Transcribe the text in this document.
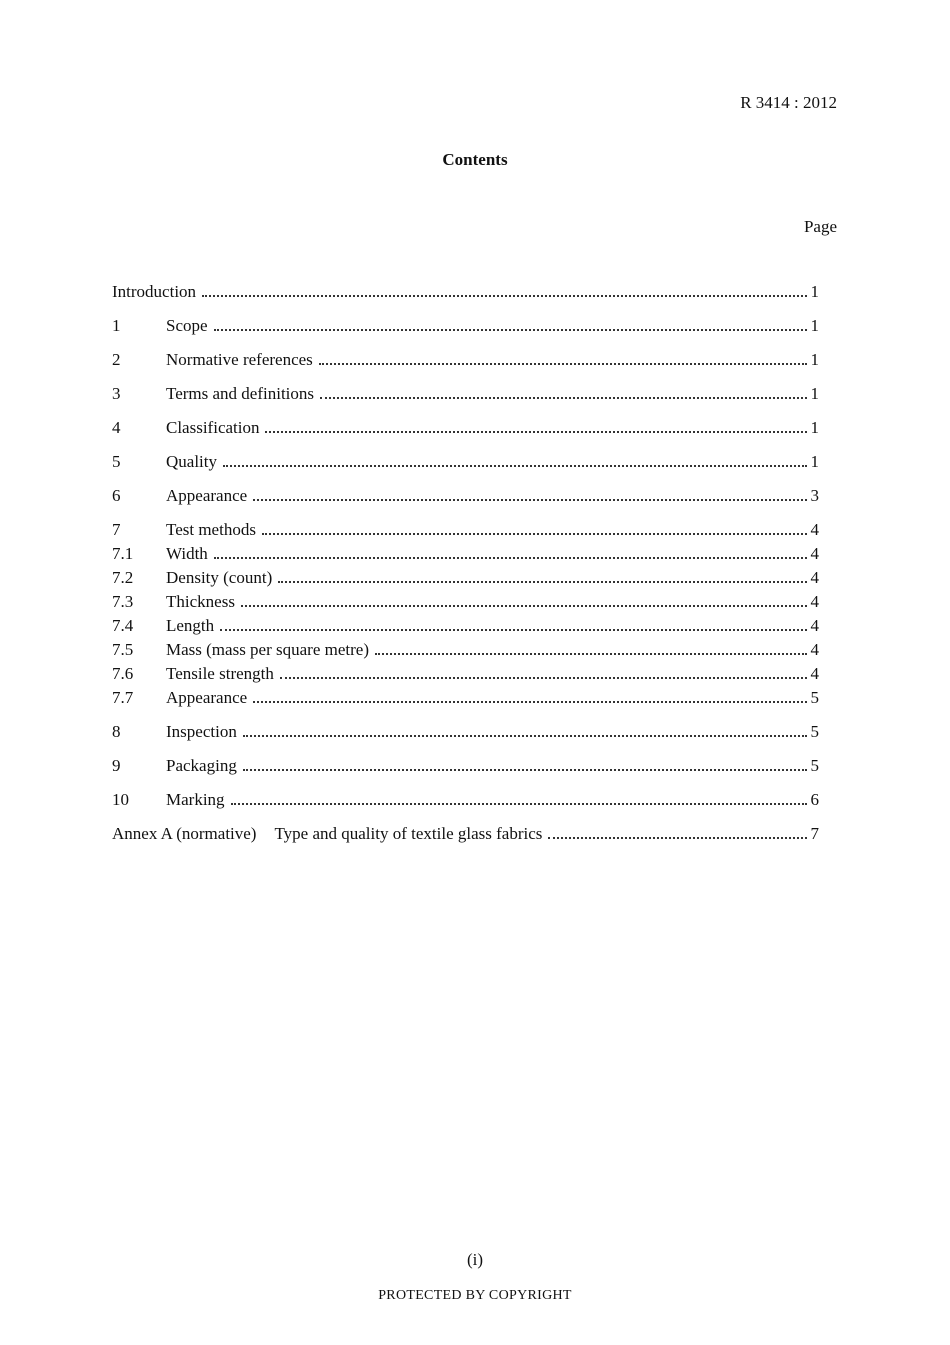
R 3414 : 2012
Contents
Page
Introduction	1
1	Scope	1
2	Normative references	1
3	Terms and definitions	1
4	Classification	1
5	Quality	1
6	Appearance	3
7	Test methods	4
7.1	Width	4
7.2	Density (count)	4
7.3	Thickness	4
7.4	Length	4
7.5	Mass (mass per square metre)	4
7.6	Tensile strength	4
7.7	Appearance	5
8	Inspection	5
9	Packaging	5
10	Marking	6
Annex A (normative)	Type and quality of textile glass fabrics	7
(i)
PROTECTED BY COPYRIGHT
